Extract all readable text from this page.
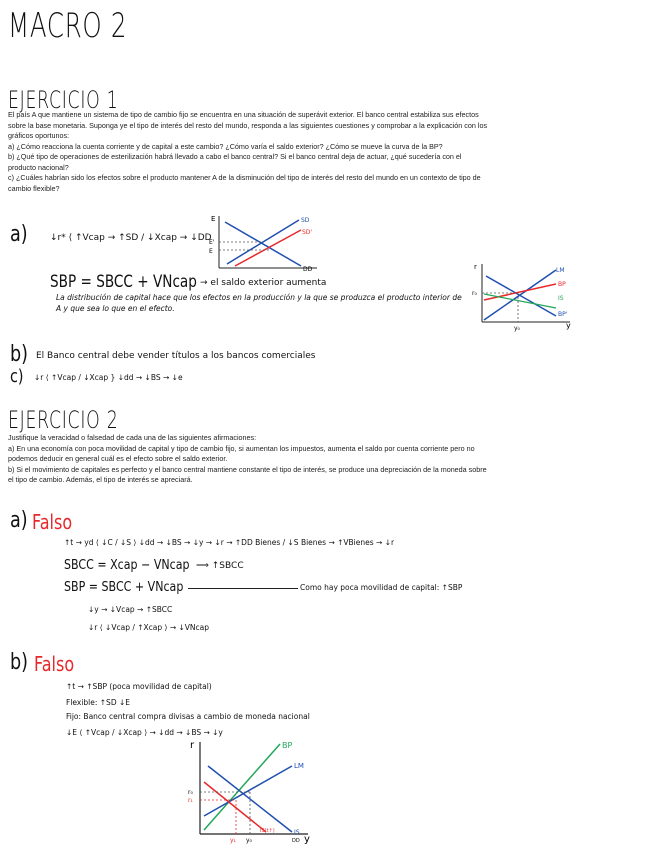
MACRO 2
EJERCICIO 1
El país A que mantiene un sistema de tipo de cambio fijo se encuentra en una situación de superávit exterior. El banco central estabiliza sus efectos
sobre la base monetaria. Suponga ye el tipo de interés del resto del mundo, responda a las siguientes cuestiones y comprobar a la explicación con los
gráficos oportunos:
a) ¿Cómo reacciona la cuenta corriente y de capital a este cambio? ¿Cómo varía el saldo exterior? ¿Cómo se mueve la curva de la BP?
b) ¿Qué tipo de operaciones de esterilización habrá llevado a cabo el banco central? Si el banco central deja de actuar, ¿qué sucedería con el
producto nacional?
c) ¿Cuáles habrían sido los efectos sobre el producto mantener A de la disminución del tipo de interés del resto del mundo en un contexto de tipo de
cambio flexible?
a) ↓r* ⟨ ↑Vcap → ↑SD / ↓Xcap → ↓DD
E
DD
SD
SD'
E'
E
SBP = SBCC + VNcap → el saldo exterior aumenta
La distribución de capital hace que los efectos en la producción y la que se produzca el producto interior de
A y que sea lo que en el efecto.
r
y
LM
BP
IS
BP'
r₀
y₀
b) El Banco central debe vender títulos a los bancos comerciales
c) ↓r ⟨ ↑Vcap / ↓Xcap } ↓dd → ↓BS → ↓e
EJERCICIO 2
Justifique la veracidad o falsedad de cada una de las siguientes afirmaciones:
a) En una economía con poca movilidad de capital y tipo de cambio fijo, si aumentan los impuestos, aumenta el saldo por cuenta corriente pero no
podemos deducir en general cuál es el efecto sobre el saldo exterior.
b) Si el movimiento de capitales es perfecto y el banco central mantiene constante el tipo de interés, se produce una depreciación de la moneda sobre
el tipo de cambio. Además, el tipo de interés se apreciará.
a) Falso
↑t → yd ⟨ ↓C / ↓S ⟩ ↓dd → ↓BS → ↓y → ↓r → ↑DD Bienes / ↓S Bienes → ↑VBienes → ↓r
SBCC = Xcap − VNcap ⟹ ↑SBCC
SBP = SBCC + VNcap	Como hay poca movilidad de capital: ↑SBP
↓y → ↓Vcap → ↑SBCC
↓r ⟨ ↓Vcap / ↑Xcap ⟩ → ↓VNcap
b) Falso
↑t → ↑SBP (poca movilidad de capital)
Flexible: ↑SD ↓E
Fijo: Banco central compra divisas a cambio de moneda nacional
↓E ⟨ ↑Vcap / ↓Xcap ⟩ → ↓dd → ↓BS → ↓y
r
y
BP
LM
IS
IS(t↑)
r₀
r₁
y₁ y₀	DD
